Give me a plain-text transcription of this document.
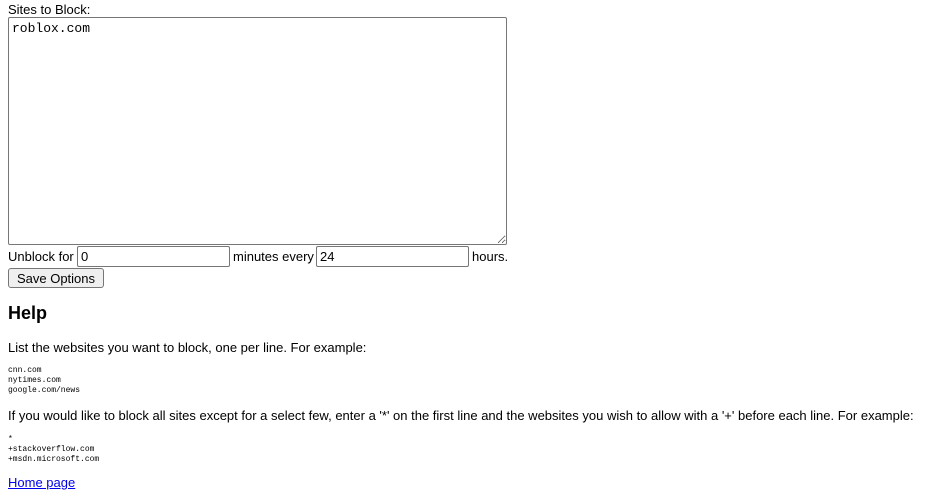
Sites to Block:
roblox.com
Unblock for
0	minutes every
24	hours.
Save Options
Help

List the websites you want to block, one per line. For example:

cnn.com
nytimes.com
google.com/news

If you would like to block all sites except for a select few, enter a '*' on the first line and the websites you wish to allow with a '+' before each line. For example:

*
+stackoverflow.com
+msdn.microsoft.com
Home page
